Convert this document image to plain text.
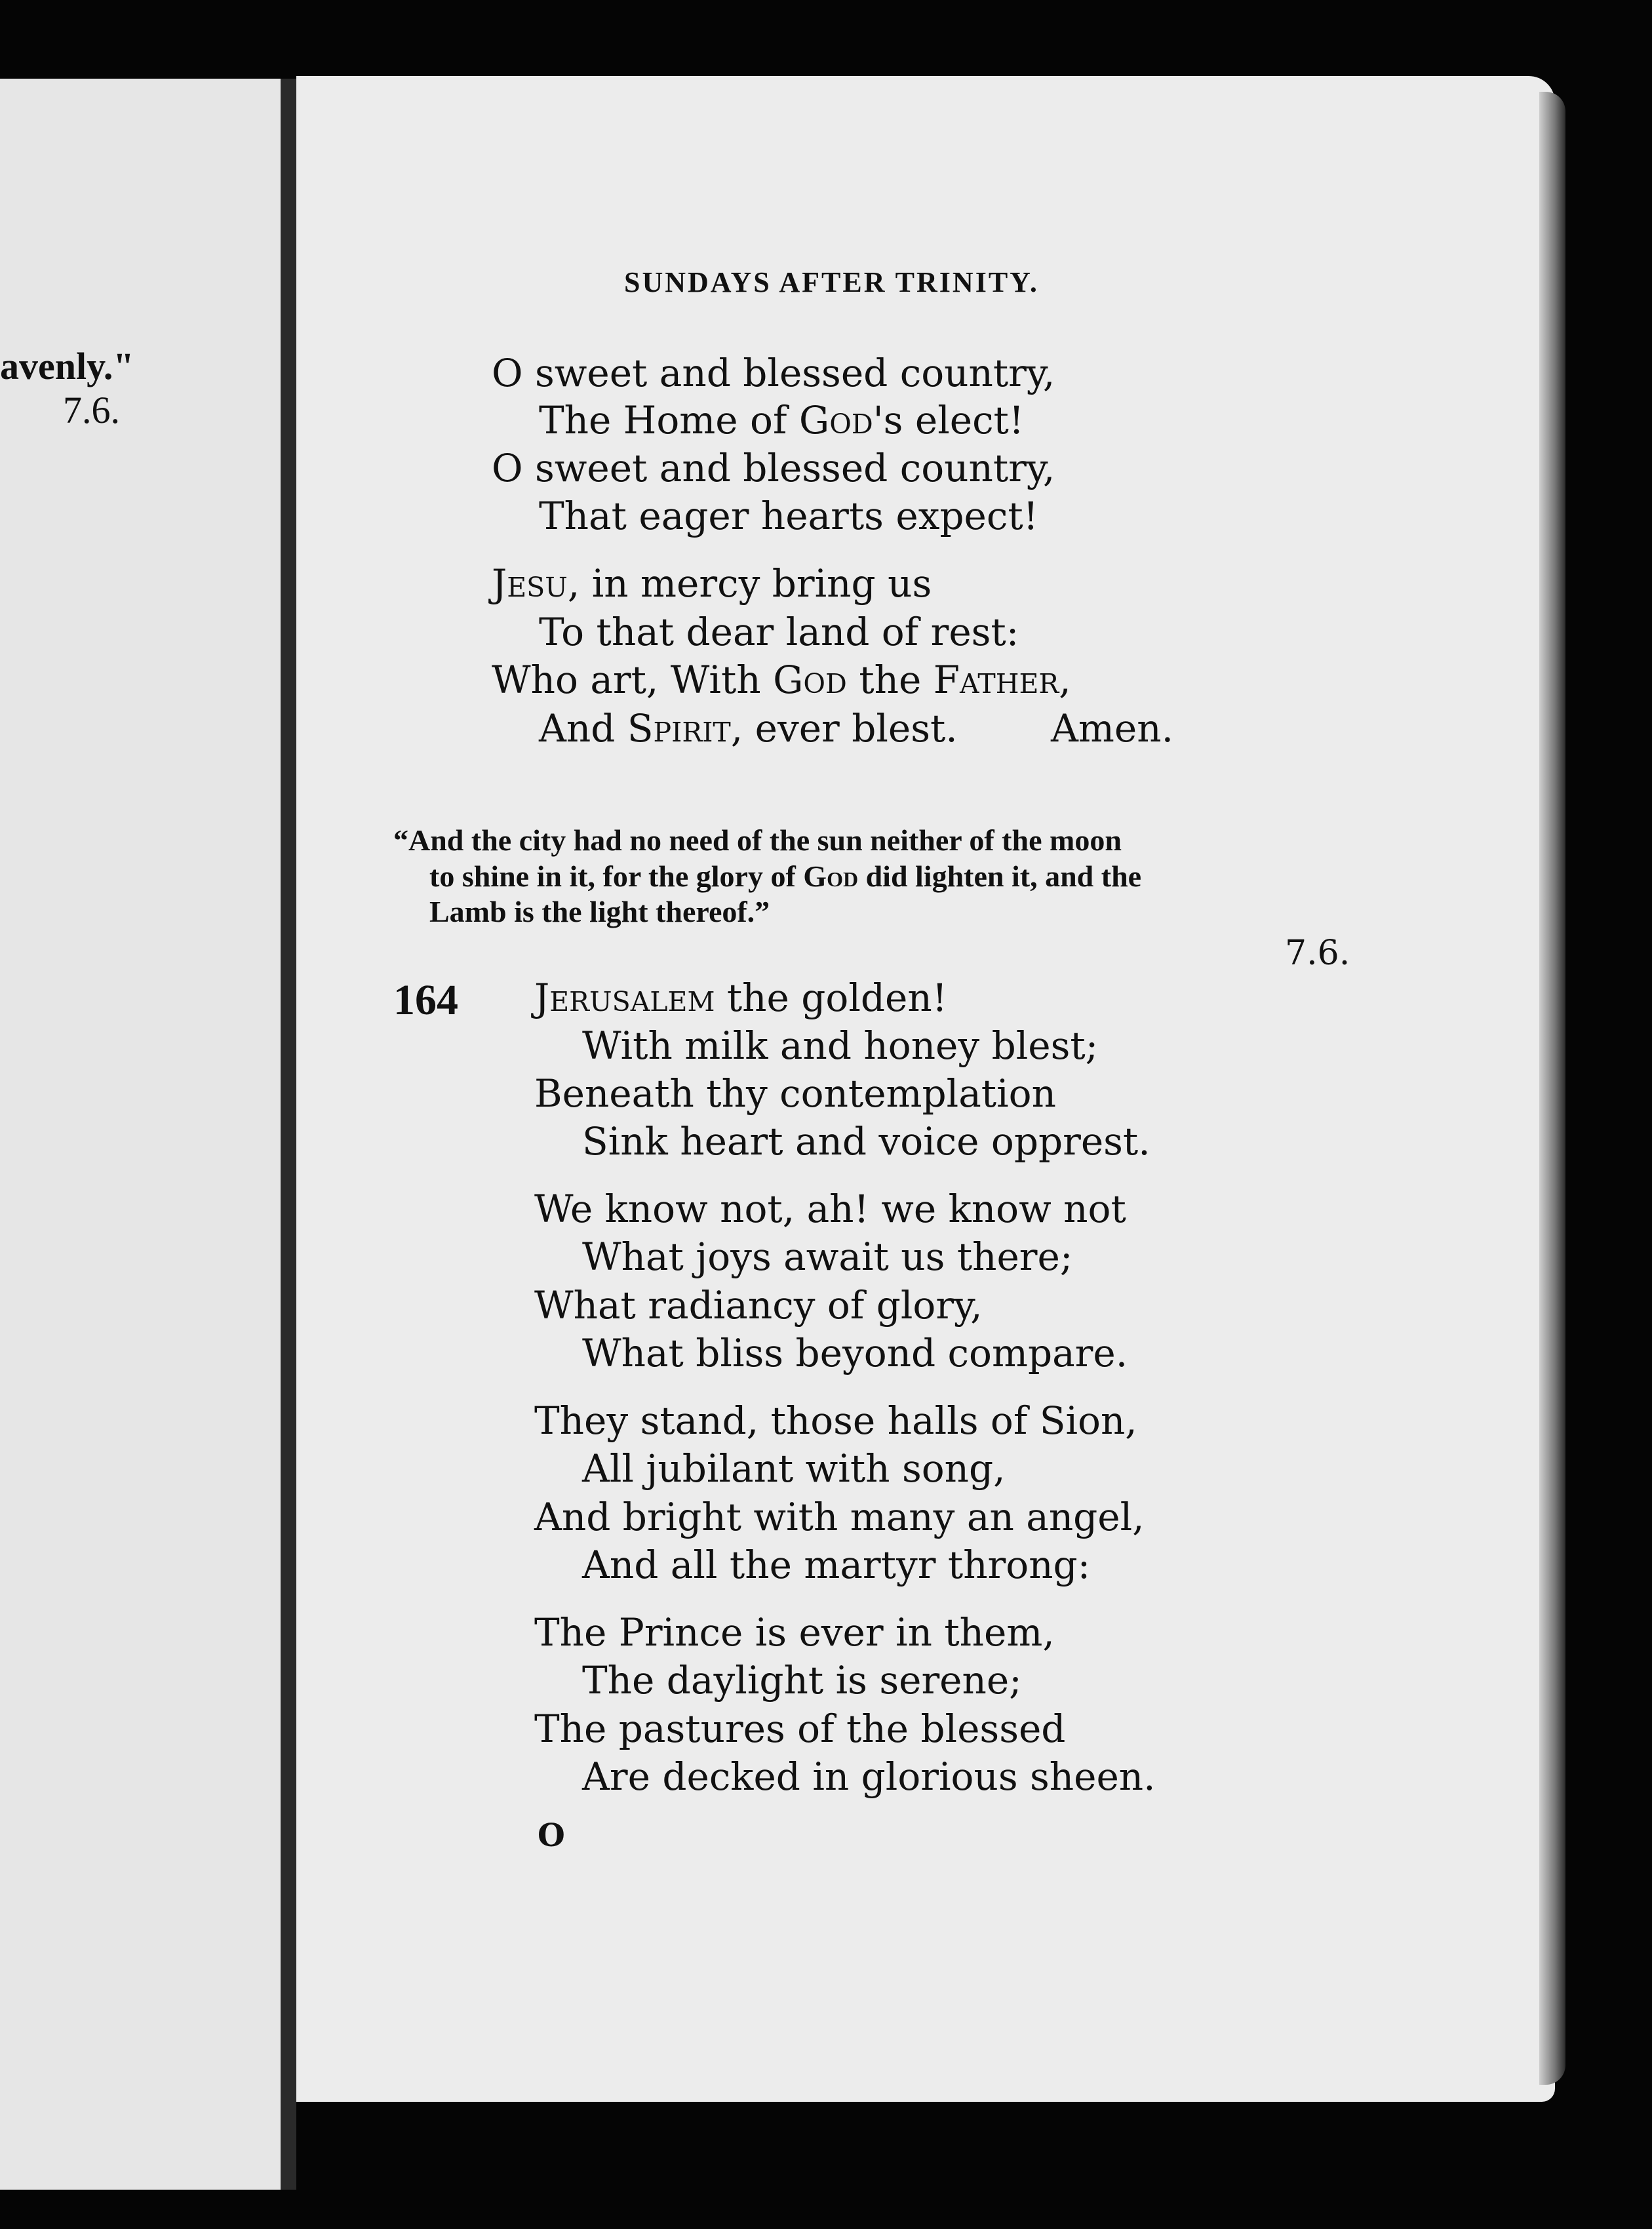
avenly."
7.6.
SUNDAYS AFTER TRINITY.
O sweet and blessed country,
The Home of God's elect!
O sweet and blessed country,
That eager hearts expect!
Jesu, in mercy bring us
To that dear land of rest:
Who art, With God the Father,
And Spirit, ever blest. Amen.
“And the city had no need of the sun neither of the moon
to shine in it, for the glory of God did lighten it, and the
Lamb is the light thereof.”
7.6.
164 Jerusalem the golden!
With milk and honey blest;
Beneath thy contemplation
Sink heart and voice opprest.
We know not, ah! we know not
What joys await us there;
What radiancy of glory,
What bliss beyond compare.
They stand, those halls of Sion,
All jubilant with song,
And bright with many an angel,
And all the martyr throng:
The Prince is ever in them,
The daylight is serene;
The pastures of the blessed
Are decked in glorious sheen.
O
